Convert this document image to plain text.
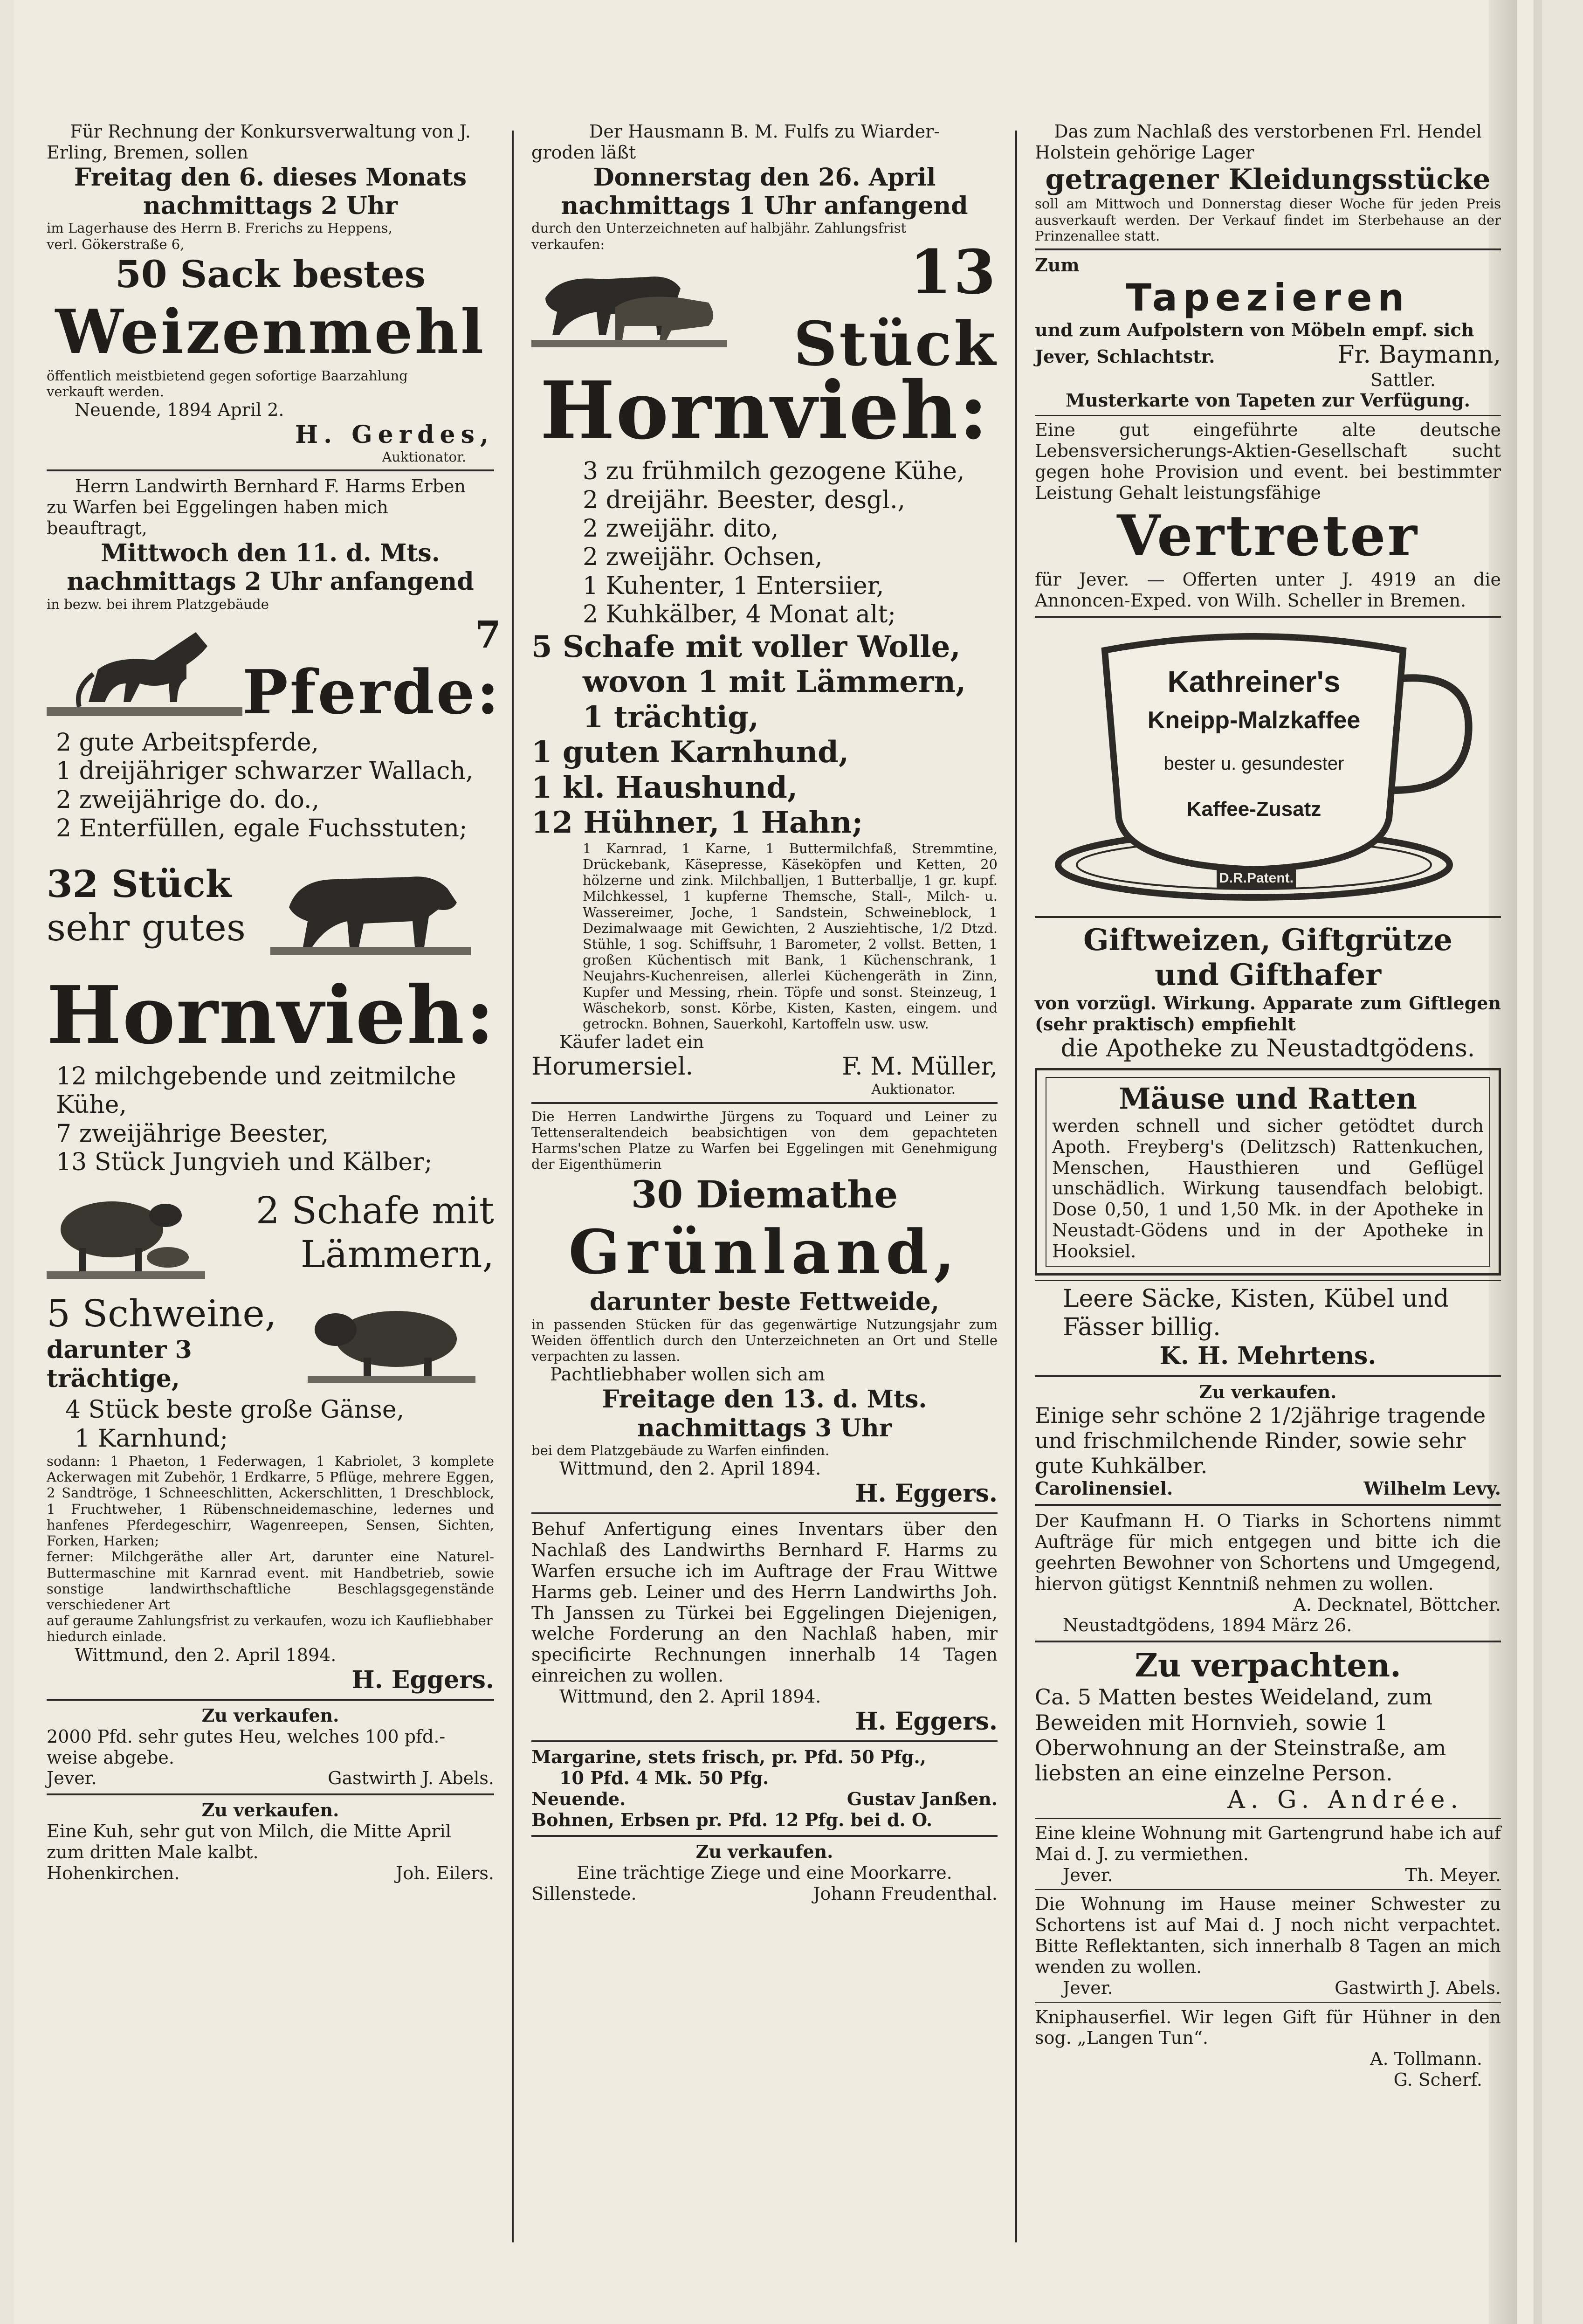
Für Rechnung der Konkursverwaltung von J.

Erling, Bremen, sollen

Freitag den 6. dieses Monats

nachmittags 2 Uhr

im Lagerhause des Herrn B. Frerichs zu Heppens,

verl. Gökerstraße 6,

50 Sack bestes

Weizenmehl

öffentlich meistbietend gegen sofortige Baarzahlung

verkauft werden.

Neuende, 1894 April 2.

H. Gerdes,

Auktionator.

Herrn Landwirth Bernhard F. Harms Erben

zu Warfen bei Eggelingen haben mich beauftragt,

Mittwoch den 11. d. Mts.

nachmittags 2 Uhr anfangend

in bezw. bei ihrem Platzgebäude

7

Pferde:

2 gute Arbeitspferde,

1 dreijähriger schwarzer Wallach,

2 zweijährige do. do.,

2 Enterfüllen, egale Fuchsstuten;

32 Stück

sehr gutes

Hornvieh:

12 milchgebende und zeitmilche Kühe,

7 zweijährige Beester,

13 Stück Jungvieh und Kälber;

2 Schafe mit

Lämmern,

5 Schweine,

darunter 3 trächtige,

4 Stück beste große Gänse,

1 Karnhund;

sodann: 1 Phaeton, 1 Federwagen, 1 Kabriolet, 3 komplete Ackerwagen mit Zubehör, 1 Erdkarre, 5 Pflüge, mehrere Eggen, 2 Sandtröge, 1 Schneeschlitten, Ackerschlitten, 1 Dreschblock, 1 Fruchtweher, 1 Rübenschneidemaschine, ledernes und hanfenes Pferdegeschirr, Wagenreepen, Sensen, Sichten, Forken, Harken;

ferner: Milchgeräthe aller Art, darunter eine Naturel-Buttermaschine mit Karnrad event. mit Handbetrieb, sowie sonstige landwirthschaftliche Beschlagsgegenstände verschiedener Art

auf geraume Zahlungsfrist zu verkaufen, wozu ich Kaufliebhaber hiedurch einlade.

Wittmund, den 2. April 1894.

H. Eggers.

Zu verkaufen.

2000 Pfd. sehr gutes Heu, welches 100 pfd.-

weise abgebe.

Jever.	Gastwirth J. Abels.

Zu verkaufen.

Eine Kuh, sehr gut von Milch, die Mitte April

zum dritten Male kalbt.

Hohenkirchen.	Joh. Eilers.

Der Hausmann B. M. Fulfs zu Wiarder-

groden läßt

Donnerstag den 26. April

nachmittags 1 Uhr anfangend

durch den Unterzeichneten auf halbjähr. Zahlungsfrist

verkaufen:	13 Stück

Hornvieh:

3 zu frühmilch gezogene Kühe,

2 dreijähr. Beester, desgl.,

2 zweijähr. dito,

2 zweijähr. Ochsen,

1 Kuhenter, 1 Entersiier,

2 Kuhkälber, 4 Monat alt;

5 Schafe mit voller Wolle,

wovon 1 mit Lämmern,

1 trächtig,

1 guten Karnhund,

1 kl. Haushund,

12 Hühner, 1 Hahn;

1 Karnrad, 1 Karne, 1 Buttermilchfaß, Stremmtine, Drückebank, Käsepresse, Käseköpfen und Ketten, 20 hölzerne und zink. Milchballjen, 1 Butterballje, 1 gr. kupf. Milchkessel, 1 kupferne Themsche, Stall-, Milch- u. Wassereimer, Joche, 1 Sandstein, Schweineblock, 1 Dezimalwaage mit Gewichten, 2 Ausziehtische, 1/2 Dtzd. Stühle, 1 sog. Schiffsuhr, 1 Barometer, 2 vollst. Betten, 1 großen Küchentisch mit Bank, 1 Küchenschrank, 1 Neujahrs-Kuchenreisen, allerlei Küchengeräth in Zinn, Kupfer und Messing, rhein. Töpfe und sonst. Steinzeug, 1 Wäschekorb, sonst. Körbe, Kisten, Kasten, eingem. und getrockn. Bohnen, Sauerkohl, Kartoffeln usw. usw.

Käufer ladet ein

Horumersiel.	F. M. Müller,

Auktionator.

Die Herren Landwirthe Jürgens zu Toquard und Leiner zu Tettenseraltendeich beabsichtigen von dem gepachteten Harms'schen Platze zu Warfen bei Eggelingen mit Genehmigung der Eigenthümerin

30 Diemathe

Grünland,

darunter beste Fettweide,

in passenden Stücken für das gegenwärtige Nutzungsjahr zum Weiden öffentlich durch den Unterzeichneten an Ort und Stelle verpachten zu lassen.

Pachtliebhaber wollen sich am

Freitage den 13. d. Mts.

nachmittags 3 Uhr

bei dem Platzgebäude zu Warfen einfinden.

Wittmund, den 2. April 1894.

H. Eggers.

Behuf Anfertigung eines Inventars über den Nachlaß des Landwirths Bernhard F. Harms zu Warfen ersuche ich im Auftrage der Frau Wittwe Harms geb. Leiner und des Herrn Landwirths Joh. Th Janssen zu Türkei bei Eggelingen Diejenigen, welche Forderung an den Nachlaß haben, mir specificirte Rechnungen innerhalb 14 Tagen einreichen zu wollen.

Wittmund, den 2. April 1894.

H. Eggers.

Margarine, stets frisch, pr. Pfd. 50 Pfg.,

10 Pfd. 4 Mk. 50 Pfg.

Neuende.	Gustav Janßen.

Bohnen, Erbsen pr. Pfd. 12 Pfg. bei d. O.

Zu verkaufen.

Eine trächtige Ziege und eine Moorkarre.

Sillenstede.	Johann Freudenthal.

Das zum Nachlaß des verstorbenen Frl. Hendel

Holstein gehörige Lager

getragener Kleidungsstücke

soll am Mittwoch und Donnerstag dieser Woche für jeden Preis ausverkauft werden. Der Verkauf findet im Sterbehause an der Prinzenallee statt.

Zum

Tapezieren

und zum Aufpolstern von Möbeln empf. sich

Jever, Schlachtstr.	Fr. Baymann,

Sattler.

Musterkarte von Tapeten zur Verfügung.

Eine gut eingeführte alte deutsche Lebensversicherungs-Aktien-Gesellschaft sucht gegen hohe Provision und event. bei bestimmter Leistung Gehalt leistungsfähige

Vertreter

für Jever. — Offerten unter J. 4919 an die Annoncen-Exped. von Wilh. Scheller in Bremen.

Kathreiner's

Kneipp-Malzkaffee

bester u. gesundester

Kaffee-Zusatz

D.R.Patent.

Giftweizen, Giftgrütze

und Gifthafer

von vorzügl. Wirkung. Apparate zum Giftlegen (sehr praktisch) empfiehlt

die Apotheke zu Neustadtgödens.

Mäuse und Ratten

werden schnell und sicher getödtet durch Apoth. Freyberg's (Delitzsch) Rattenkuchen, Menschen, Hausthieren und Geflügel unschädlich. Wirkung tausendfach belobigt. Dose 0,50, 1 und 1,50 Mk. in der Apotheke in Neustadt-Gödens und in der Apotheke in Hooksiel.

Leere Säcke, Kisten, Kübel und Fässer billig.

K. H. Mehrtens.

Zu verkaufen.

Einige sehr schöne 2 1/2jährige tragende und frischmilchende Rinder, sowie sehr gute Kuhkälber.

Carolinensiel.	Wilhelm Levy.

Der Kaufmann H. O Tiarks in Schortens nimmt Aufträge für mich entgegen und bitte ich die geehrten Bewohner von Schortens und Umgegend, hiervon gütigst Kenntniß nehmen zu wollen.

A. Decknatel, Böttcher.

Neustadtgödens, 1894 März 26.

Zu verpachten.

Ca. 5 Matten bestes Weideland, zum Beweiden mit Hornvieh, sowie 1 Oberwohnung an der Steinstraße, am liebsten an eine einzelne Person.

A. G. Andrée.

Eine kleine Wohnung mit Gartengrund habe ich auf Mai d. J. zu vermiethen.

Jever.	Th. Meyer.

Die Wohnung im Hause meiner Schwester zu Schortens ist auf Mai d. J noch nicht verpachtet. Bitte Reflektanten, sich innerhalb 8 Tagen an mich wenden zu wollen.

Jever.	Gastwirth J. Abels.

Kniphauserfiel. Wir legen Gift für Hühner in den sog. „Langen Tun“.

A. Tollmann.

G. Scherf.
